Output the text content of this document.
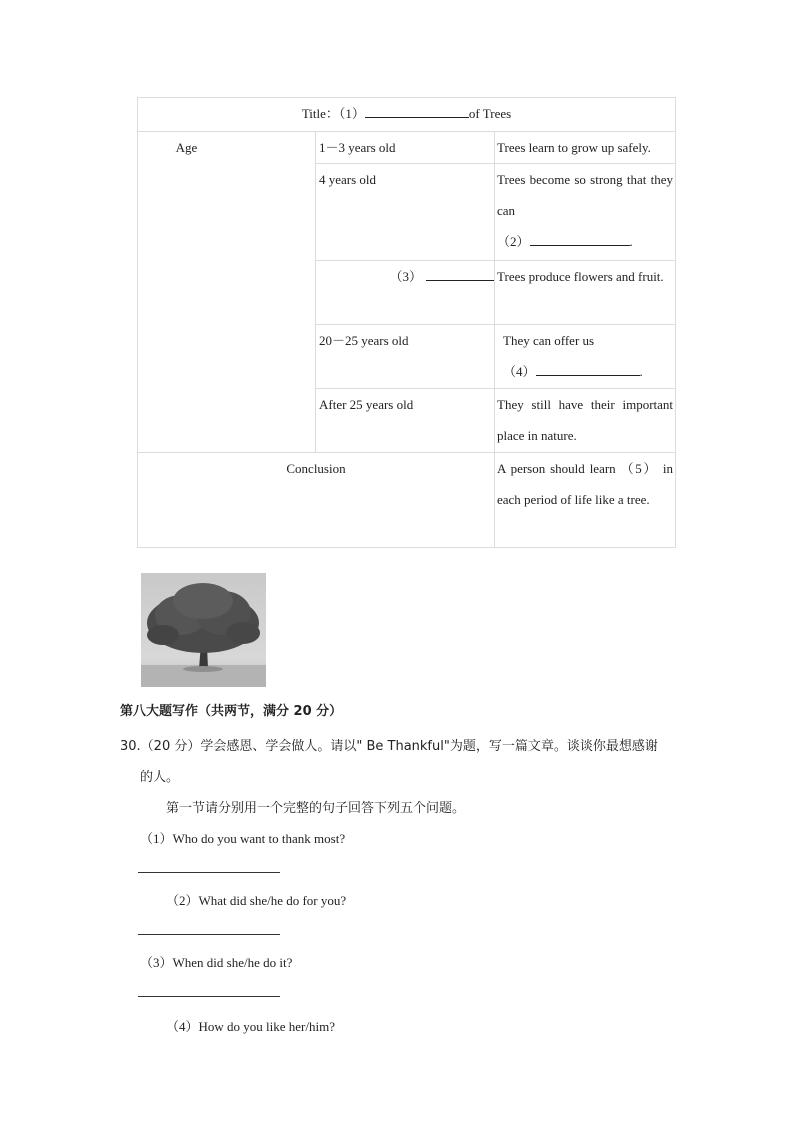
Title：（1） of Trees		
Age	1－3 years old	Trees learn to grow up safely.
	4 years old	Trees become so strong that they can
（2） .
	（3）	Trees produce flowers and fruit.
	20－25 years old	They can offer us
（4） .
	After 25 years old	They still have their important place in nature.
Conclusion		A person should learn （5） in each period of life like a tree.
第八大题写作（共两节，满分 20 分）
30.（20 分）学会感恩、学会做人。请以" Be Thankful"为题，写一篇文章。谈谈你最想感谢
的人。
第一节请分别用一个完整的句子回答下列五个问题。
（1）Who do you want to thank most?
（2）What did she/he do for you?
（3）When did she/he do it?
（4）How do you like her/him?
